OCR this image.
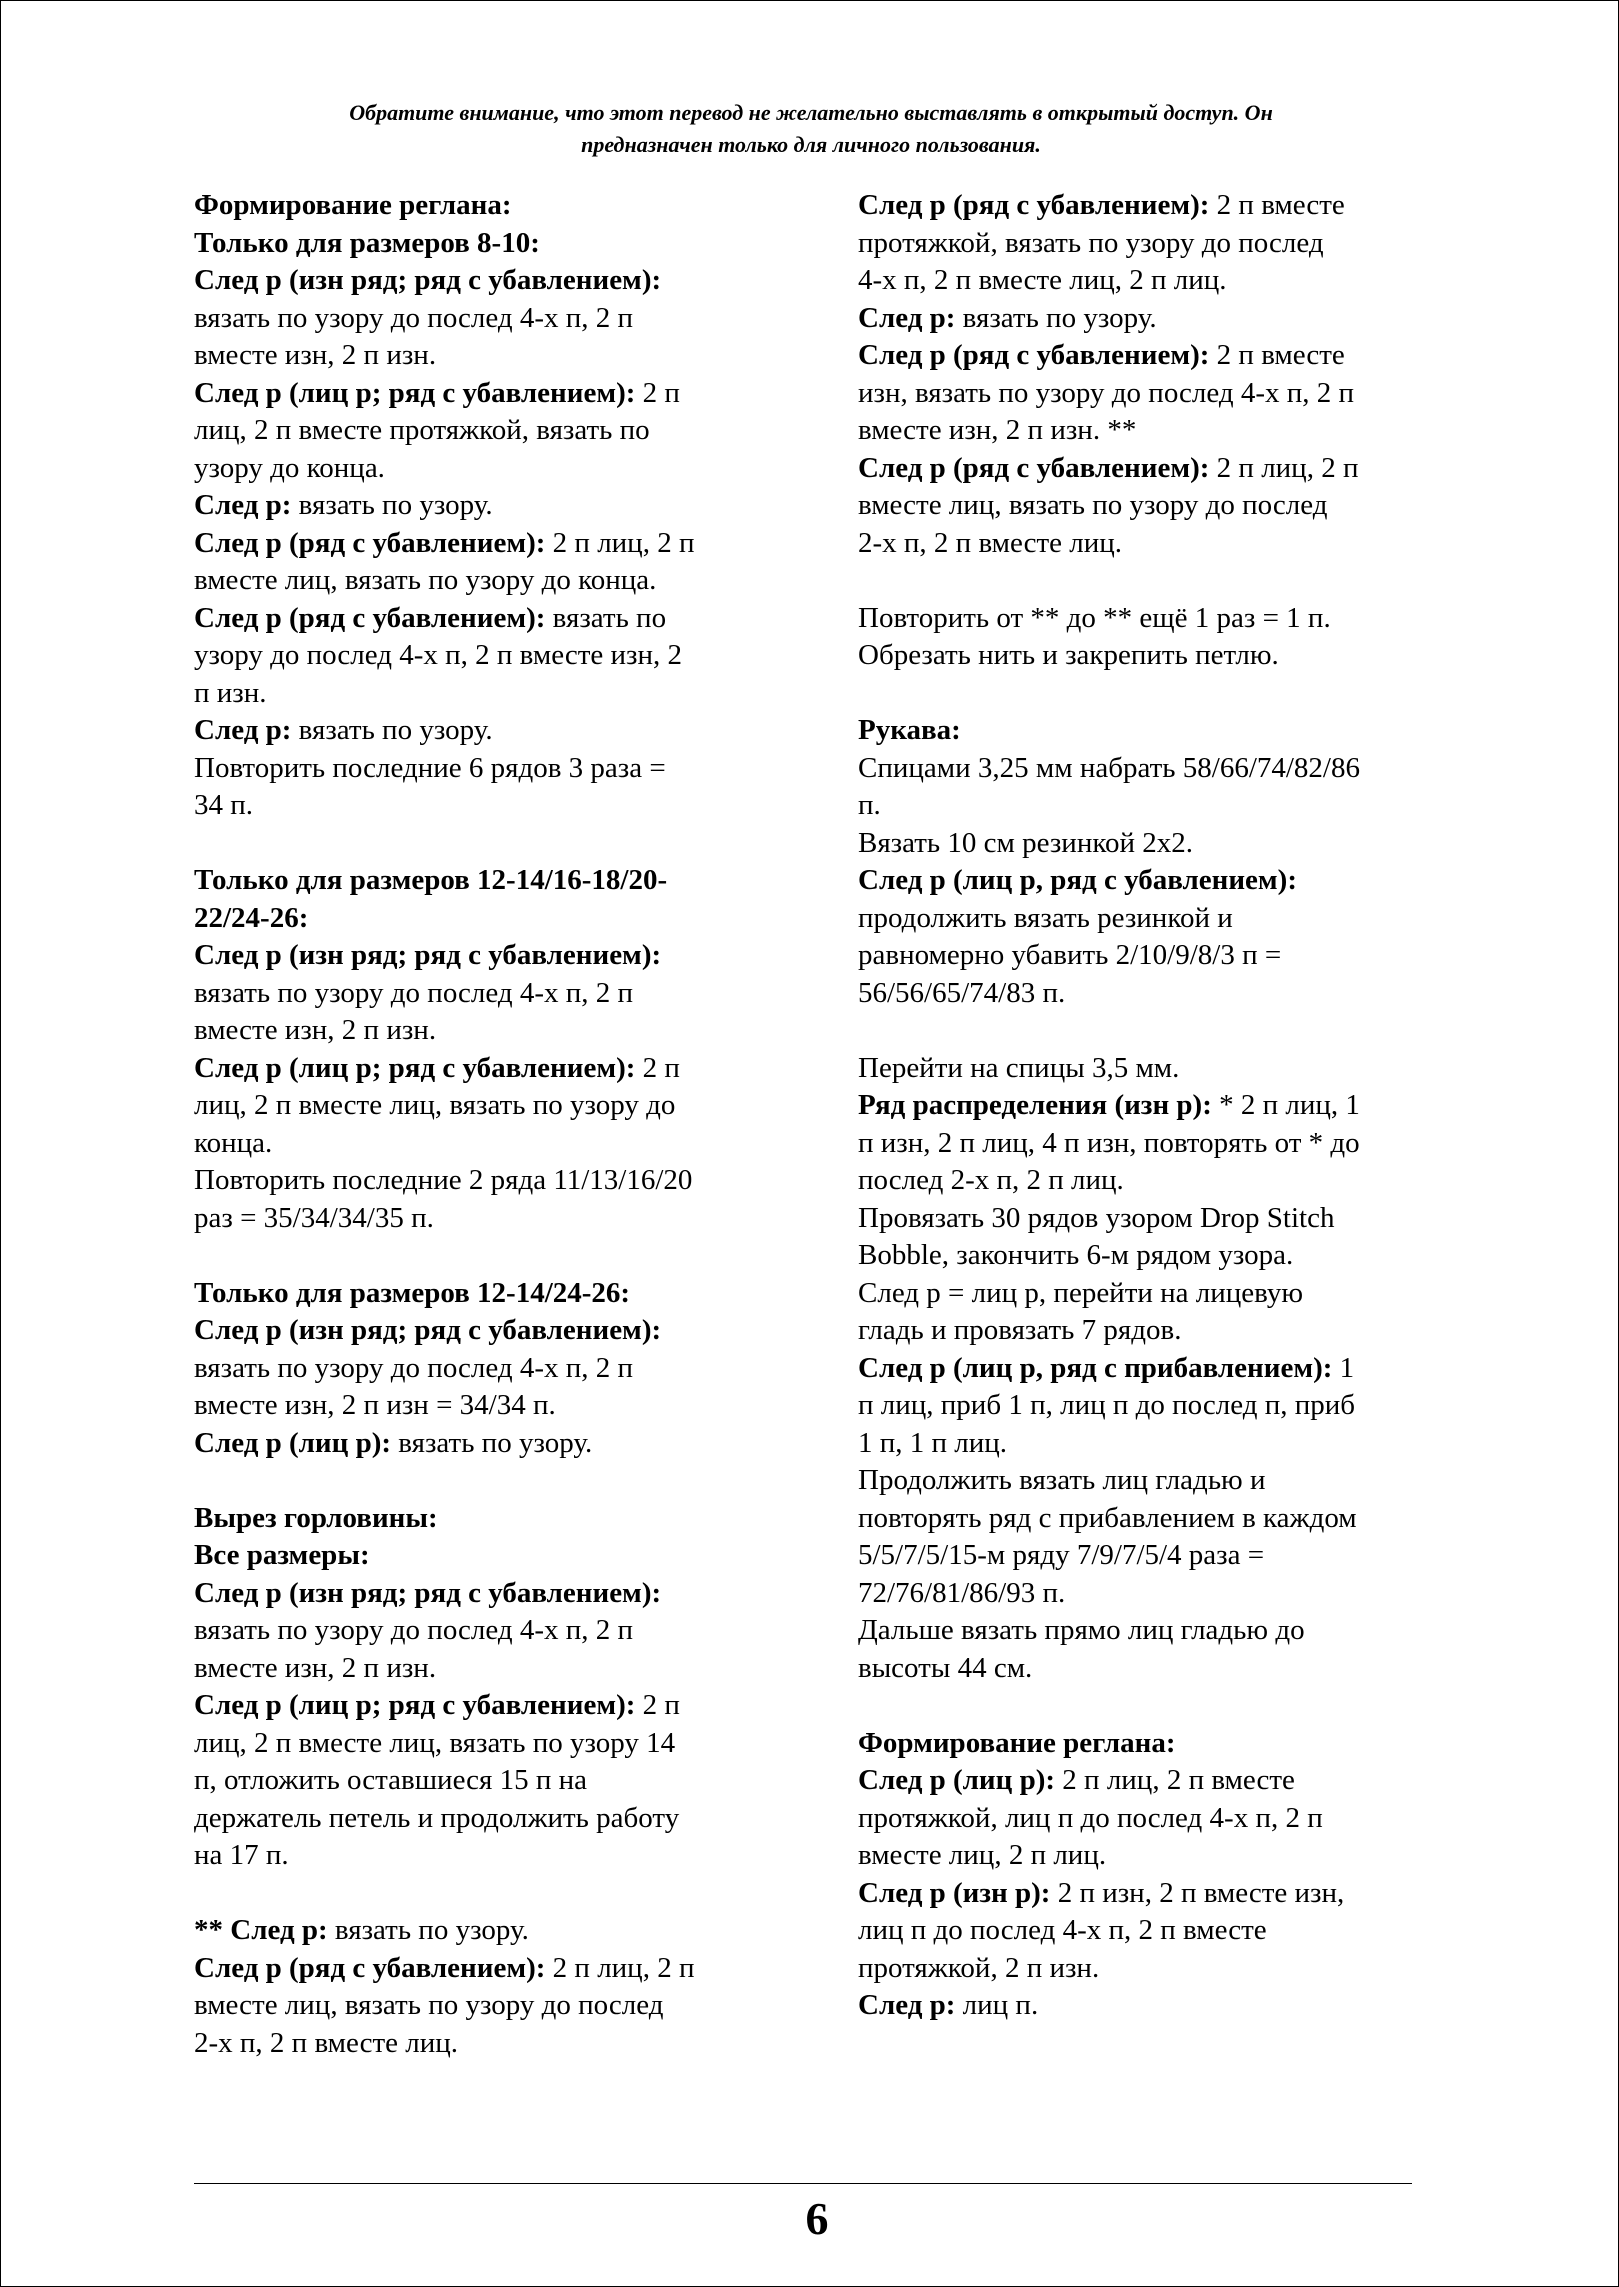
Обратите внимание, что этот перевод не желательно выставлять в открытый доступ. Он
предназначен только для личного пользования.
Формирование реглана:
Только для размеров 8-10:
След р (изн ряд; ряд с убавлением):
вязать по узору до послед 4-х п, 2 п
вместе изн, 2 п изн.
След р (лиц р; ряд с убавлением): 2 п
лиц, 2 п вместе протяжкой, вязать по
узору до конца.
След р: вязать по узору.
След р (ряд с убавлением): 2 п лиц, 2 п
вместе лиц, вязать по узору до конца.
След р (ряд с убавлением): вязать по
узору до послед 4-х п, 2 п вместе изн, 2
п изн.
След р: вязать по узору.
Повторить последние 6 рядов 3 раза =
34 п.
Только для размеров 12-14/16-18/20-
22/24-26:
След р (изн ряд; ряд с убавлением):
вязать по узору до послед 4-х п, 2 п
вместе изн, 2 п изн.
След р (лиц р; ряд с убавлением): 2 п
лиц, 2 п вместе лиц, вязать по узору до
конца.
Повторить последние 2 ряда 11/13/16/20
раз = 35/34/34/35 п.
Только для размеров 12-14/24-26:
След р (изн ряд; ряд с убавлением):
вязать по узору до послед 4-х п, 2 п
вместе изн, 2 п изн = 34/34 п.
След р (лиц р): вязать по узору.
Вырез горловины:
Все размеры:
След р (изн ряд; ряд с убавлением):
вязать по узору до послед 4-х п, 2 п
вместе изн, 2 п изн.
След р (лиц р; ряд с убавлением): 2 п
лиц, 2 п вместе лиц, вязать по узору 14
п, отложить оставшиеся 15 п на
держатель петель и продолжить работу
на 17 п.
** След р: вязать по узору.
След р (ряд с убавлением): 2 п лиц, 2 п
вместе лиц, вязать по узору до послед
2-х п, 2 п вместе лиц.
След р (ряд с убавлением): 2 п вместе
протяжкой, вязать по узору до послед
4-х п, 2 п вместе лиц, 2 п лиц.
След р: вязать по узору.
След р (ряд с убавлением): 2 п вместе
изн, вязать по узору до послед 4-х п, 2 п
вместе изн, 2 п изн. **
След р (ряд с убавлением): 2 п лиц, 2 п
вместе лиц, вязать по узору до послед
2-х п, 2 п вместе лиц.
Повторить от ** до ** ещё 1 раз = 1 п.
Обрезать нить и закрепить петлю.
Рукава:
Спицами 3,25 мм набрать 58/66/74/82/86
п.
Вязать 10 см резинкой 2х2.
След р (лиц р, ряд с убавлением):
продолжить вязать резинкой и
равномерно убавить 2/10/9/8/3 п =
56/56/65/74/83 п.
Перейти на спицы 3,5 мм.
Ряд распределения (изн р): * 2 п лиц, 1
п изн, 2 п лиц, 4 п изн, повторять от * до
послед 2-х п, 2 п лиц.
Провязать 30 рядов узором Drop Stitch
Bobble, закончить 6-м рядом узора.
След р = лиц р, перейти на лицевую
гладь и провязать 7 рядов.
След р (лиц р, ряд с прибавлением): 1
п лиц, приб 1 п, лиц п до послед п, приб
1 п, 1 п лиц.
Продолжить вязать лиц гладью и
повторять ряд с прибавлением в каждом
5/5/7/5/15-м ряду 7/9/7/5/4 раза =
72/76/81/86/93 п.
Дальше вязать прямо лиц гладью до
высоты 44 см.
Формирование реглана:
След р (лиц р): 2 п лиц, 2 п вместе
протяжкой, лиц п до послед 4-х п, 2 п
вместе лиц, 2 п лиц.
След р (изн р): 2 п изн, 2 п вместе изн,
лиц п до послед 4-х п, 2 п вместе
протяжкой, 2 п изн.
След р: лиц п.
6
